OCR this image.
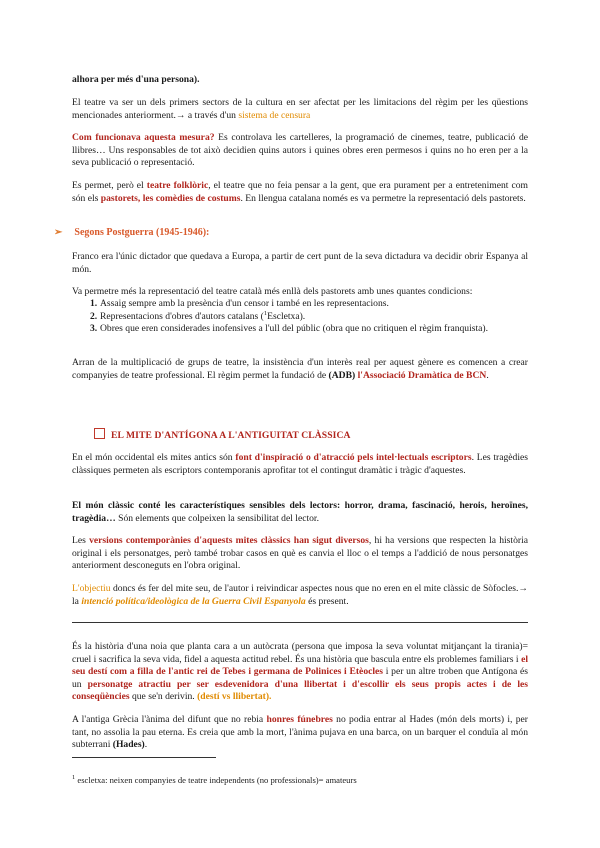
alhora per més d'una persona).

El teatre va ser un dels primers sectors de la cultura en ser afectat per les limitacions del règim per les qüestions mencionades anteriorment.→ a través d'un sistema de censura

Com funcionava aquesta mesura? Es controlava les cartelleres, la programació de cinemes, teatre, publicació de llibres… Uns responsables de tot això decidien quins autors i quines obres eren permesos i quins no ho eren per a la seva publicació o representació.

Es permet, però el teatre folklòric, el teatre que no feia pensar a la gent, que era purament per a entreteniment com són els pastorets, les comèdies de costums. En llengua catalana només es va permetre la representació dels pastorets.

➢ Segons Postguerra (1945-1946):

Franco era l'únic dictador que quedava a Europa, a partir de cert punt de la seva dictadura va decidir obrir Espanya al món.

Va permetre més la representació del teatre català més enllà dels pastorets amb unes quantes condicions:

1. Assaig sempre amb la presència d'un censor i també en les representacions.
2. Representacions d'obres d'autors catalans ($^1$Escletxa).
3. Obres que eren considerades inofensives a l'ull del públic (obra que no critiquen el règim franquista).

Arran de la multiplicació de grups de teatre, la insistència d'un interès real per aquest gènere es comencen a crear companyies de teatre professional. El règim permet la fundació de (ADB) l'Associació Dramàtica de BCN.

EL MITE D'ANTÍGONA A L'ANTIGUITAT CLÀSSICA

En el món occidental els mites antics són font d'inspiració o d'atracció pels intel·lectuals escriptors. Les tragèdies clàssiques permeten als escriptors contemporanis aprofitar tot el contingut dramàtic i tràgic d'aquestes.

El món clàssic conté les característiques sensibles dels lectors: horror, drama, fascinació, herois, heroïnes, tragèdia… Són elements que colpeixen la sensibilitat del lector.

Les versions contemporànies d'aquests mites clàssics han sigut diversos, hi ha versions que respecten la història original i els personatges, però també trobar casos en què es canvia el lloc o el temps a l'addició de nous personatges anteriorment desconeguts en l'obra original.

L'objectiu doncs és fer del mite seu, de l'autor i reivindicar aspectes nous que no eren en el mite clàssic de Sòfocles.→ la intenció política/ideològica de la Guerra Civil Espanyola és present.

És la història d'una noia que planta cara a un autòcrata (persona que imposa la seva voluntat mitjançant la tirania)= cruel i sacrifica la seva vida, fidel a aquesta actitud rebel. És una història que bascula entre els problemes familiars i el seu destí com a filla de l'antic rei de Tebes i germana de Polinices i Etèocles i per un altre troben que Antígona és un personatge atractiu per ser esdevenidora d'una llibertat i d'escollir els seus propis actes i de les conseqüències que se'n derivin. (destí vs llibertat).

A l'antiga Grècia l'ànima del difunt que no rebia honres fúnebres no podia entrar al Hades (món dels morts) i, per tant, no assolia la pau eterna. Es creia que amb la mort, l'ànima pujava en una barca, on un barquer el conduïa al món subterrani (Hades).

$^1$ escletxa: neixen companyies de teatre independents (no professionals)= amateurs
